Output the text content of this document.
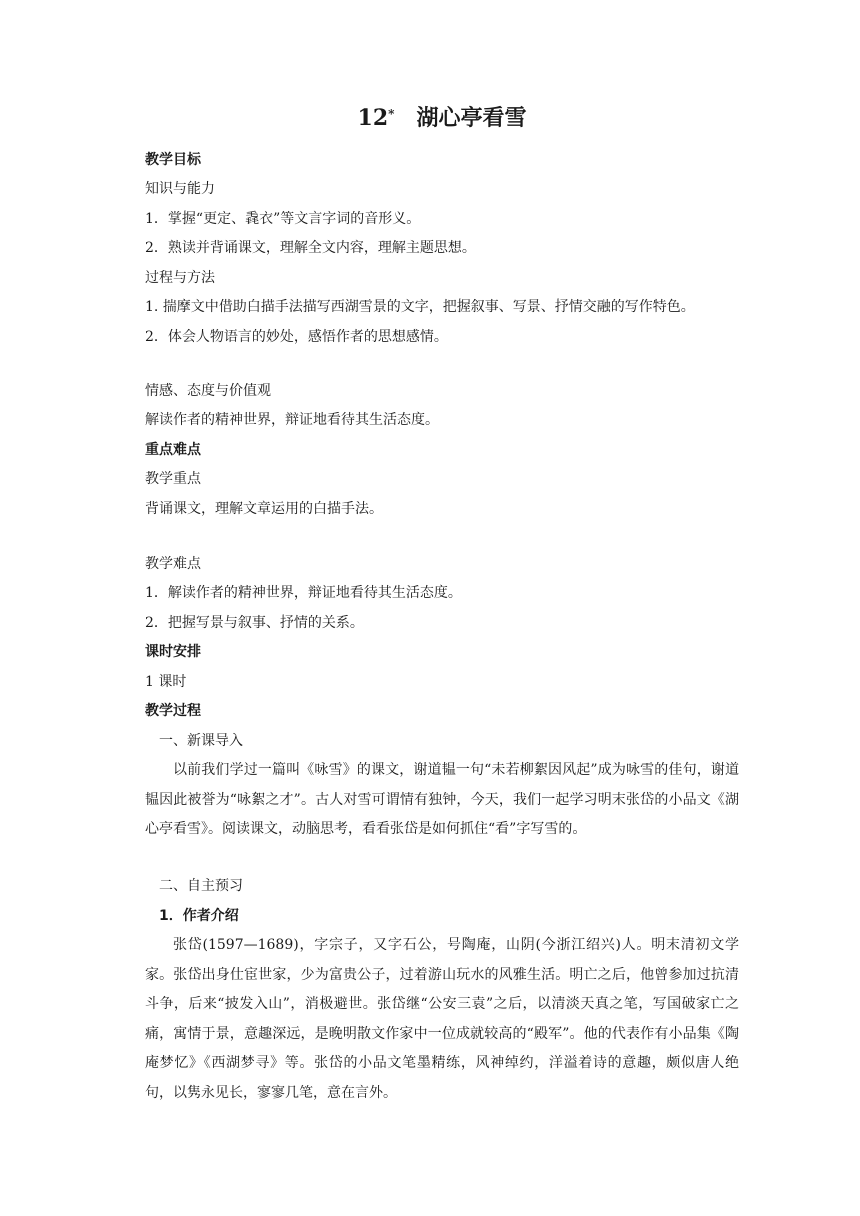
12* 湖心亭看雪
教学目标
知识与能力
1．掌握“更定、毳衣”等文言字词的音形义。
2．熟读并背诵课文，理解全文内容，理解主题思想。
过程与方法
1. 揣摩文中借助白描手法描写西湖雪景的文字，把握叙事、写景、抒情交融的写作特色。
2．体会人物语言的妙处，感悟作者的思想感情。
情感、态度与价值观
解读作者的精神世界，辩证地看待其生活态度。
重点难点
教学重点
背诵课文，理解文章运用的白描手法。
教学难点
1．解读作者的精神世界，辩证地看待其生活态度。
2．把握写景与叙事、抒情的关系。
课时安排
1 课时
教学过程
一、新课导入
以前我们学过一篇叫《咏雪》的课文，谢道韫一句“未若柳絮因风起”成为咏雪的佳句，谢道韫因此被誉为“咏絮之才”。古人对雪可谓情有独钟，今天，我们一起学习明末张岱的小品文《湖心亭看雪》。阅读课文，动脑思考，看看张岱是如何抓住“看”字写雪的。
二、自主预习
1．作者介绍
张岱(1597—1689)，字宗子，又字石公，号陶庵，山阴(今浙江绍兴)人。明末清初文学家。张岱出身仕宦世家，少为富贵公子，过着游山玩水的风雅生活。明亡之后，他曾参加过抗清斗争，后来“披发入山”，消极避世。张岱继“公安三袁”之后，以清淡天真之笔，写国破家亡之痛，寓情于景，意趣深远，是晚明散文作家中一位成就较高的“殿军”。他的代表作有小品集《陶庵梦忆》《西湖梦寻》等。张岱的小品文笔墨精练，风神绰约，洋溢着诗的意趣，颇似唐人绝句，以隽永见长，寥寥几笔，意在言外。
